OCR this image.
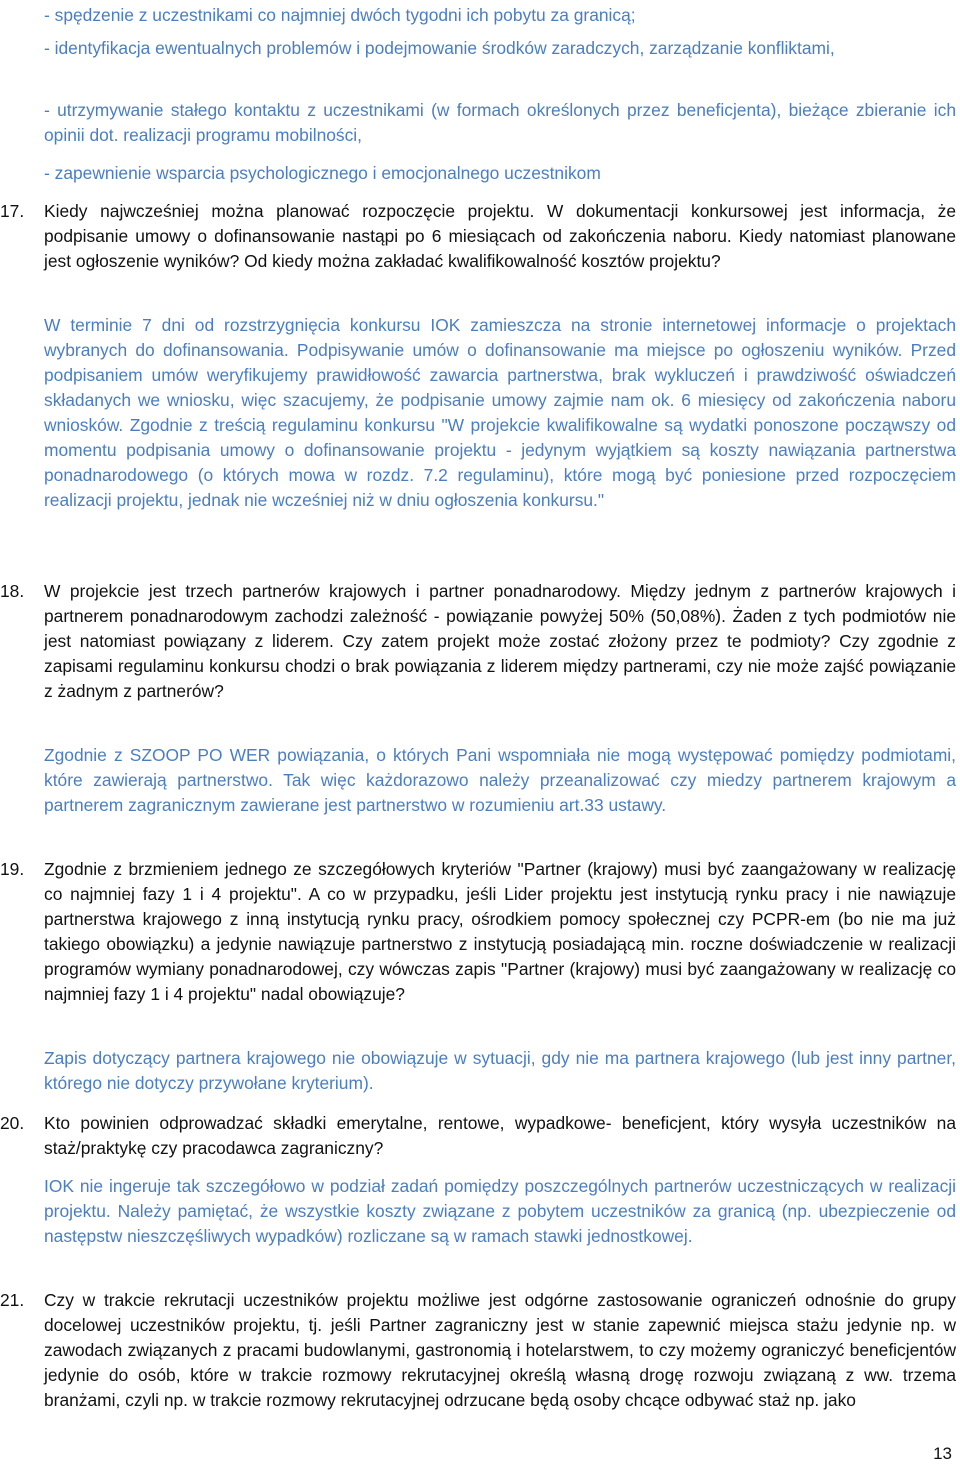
- spędzenie z uczestnikami co najmniej dwóch tygodni ich pobytu za granicą;

- identyfikacja ewentualnych problemów i podejmowanie środków zaradczych, zarządzanie konfliktami,

- utrzymywanie stałego kontaktu z uczestnikami (w formach określonych przez beneficjenta), bieżące zbieranie ich opinii dot. realizacji programu mobilności,

- zapewnienie wsparcia psychologicznego i emocjonalnego uczestnikom

17.	Kiedy najwcześniej można planować rozpoczęcie projektu. W dokumentacji konkursowej jest informacja, że podpisanie umowy o dofinansowanie nastąpi po 6 miesiącach od zakończenia naboru. Kiedy natomiast planowane jest ogłoszenie wyników? Od kiedy można zakładać kwalifikowalność kosztów projektu?

W terminie 7 dni od rozstrzygnięcia konkursu IOK zamieszcza na stronie internetowej informacje o projektach wybranych do dofinansowania. Podpisywanie umów o dofinansowanie ma miejsce po ogłoszeniu wyników. Przed podpisaniem umów weryfikujemy prawidłowość zawarcia partnerstwa, brak wykluczeń i prawdziwość oświadczeń składanych we wniosku, więc szacujemy, że podpisanie umowy zajmie nam ok. 6 miesięcy od zakończenia naboru wniosków. Zgodnie z treścią regulaminu konkursu "W projekcie kwalifikowalne są wydatki ponoszone począwszy od momentu podpisania umowy o dofinansowanie projektu - jedynym wyjątkiem są koszty nawiązania partnerstwa ponadnarodowego (o których mowa w rozdz. 7.2 regulaminu), które mogą być poniesione przed rozpoczęciem realizacji projektu, jednak nie wcześniej niż w dniu ogłoszenia konkursu."

18.	W projekcie jest trzech partnerów krajowych i partner ponadnarodowy. Między jednym z partnerów krajowych i partnerem ponadnarodowym zachodzi zależność - powiązanie powyżej 50% (50,08%). Żaden z tych podmiotów nie jest natomiast powiązany z liderem. Czy zatem projekt może zostać złożony przez te podmioty? Czy zgodnie z zapisami regulaminu konkursu chodzi o brak powiązania z liderem między partnerami, czy nie może zajść powiązanie z żadnym z partnerów?

Zgodnie z SZOOP PO WER powiązania, o których Pani wspomniała nie mogą występować pomiędzy podmiotami, które zawierają partnerstwo. Tak więc każdorazowo należy przeanalizować czy miedzy partnerem krajowym a partnerem zagranicznym zawierane jest partnerstwo w rozumieniu art.33 ustawy.

19.	Zgodnie z brzmieniem jednego ze szczegółowych kryteriów "Partner (krajowy) musi być zaangażowany w realizację co najmniej fazy 1 i 4 projektu". A co w przypadku, jeśli Lider projektu jest instytucją rynku pracy i nie nawiązuje partnerstwa krajowego z inną instytucją rynku pracy, ośrodkiem pomocy społecznej czy PCPR-em (bo nie ma już takiego obowiązku) a jedynie nawiązuje partnerstwo z instytucją posiadającą min. roczne doświadczenie w realizacji programów wymiany ponadnarodowej, czy wówczas zapis "Partner (krajowy) musi być zaangażowany w realizację co najmniej fazy 1 i 4 projektu" nadal obowiązuje?

Zapis dotyczący partnera krajowego nie obowiązuje w sytuacji, gdy nie ma partnera krajowego (lub jest inny partner, którego nie dotyczy przywołane kryterium).

20.	Kto powinien odprowadzać składki emerytalne, rentowe, wypadkowe- beneficjent, który wysyła uczestników na staż/praktykę czy pracodawca zagraniczny?

IOK nie ingeruje tak szczegółowo w podział zadań pomiędzy poszczególnych partnerów uczestniczących w realizacji projektu. Należy pamiętać, że wszystkie koszty związane z pobytem uczestników za granicą (np. ubezpieczenie od następstw nieszczęśliwych wypadków) rozliczane są w ramach stawki jednostkowej.

21.	Czy w trakcie rekrutacji uczestników projektu możliwe jest odgórne zastosowanie ograniczeń odnośnie do grupy docelowej uczestników projektu, tj. jeśli Partner zagraniczny jest w stanie zapewnić miejsca stażu jedynie np. w zawodach związanych z pracami budowlanymi, gastronomią i hotelarstwem, to czy możemy ograniczyć beneficjentów jedynie do osób, które w trakcie rozmowy rekrutacyjnej określą własną drogę rozwoju związaną z ww. trzema branżami, czyli np. w trakcie rozmowy rekrutacyjnej odrzucane będą osoby chcące odbywać staż np. jako

13
